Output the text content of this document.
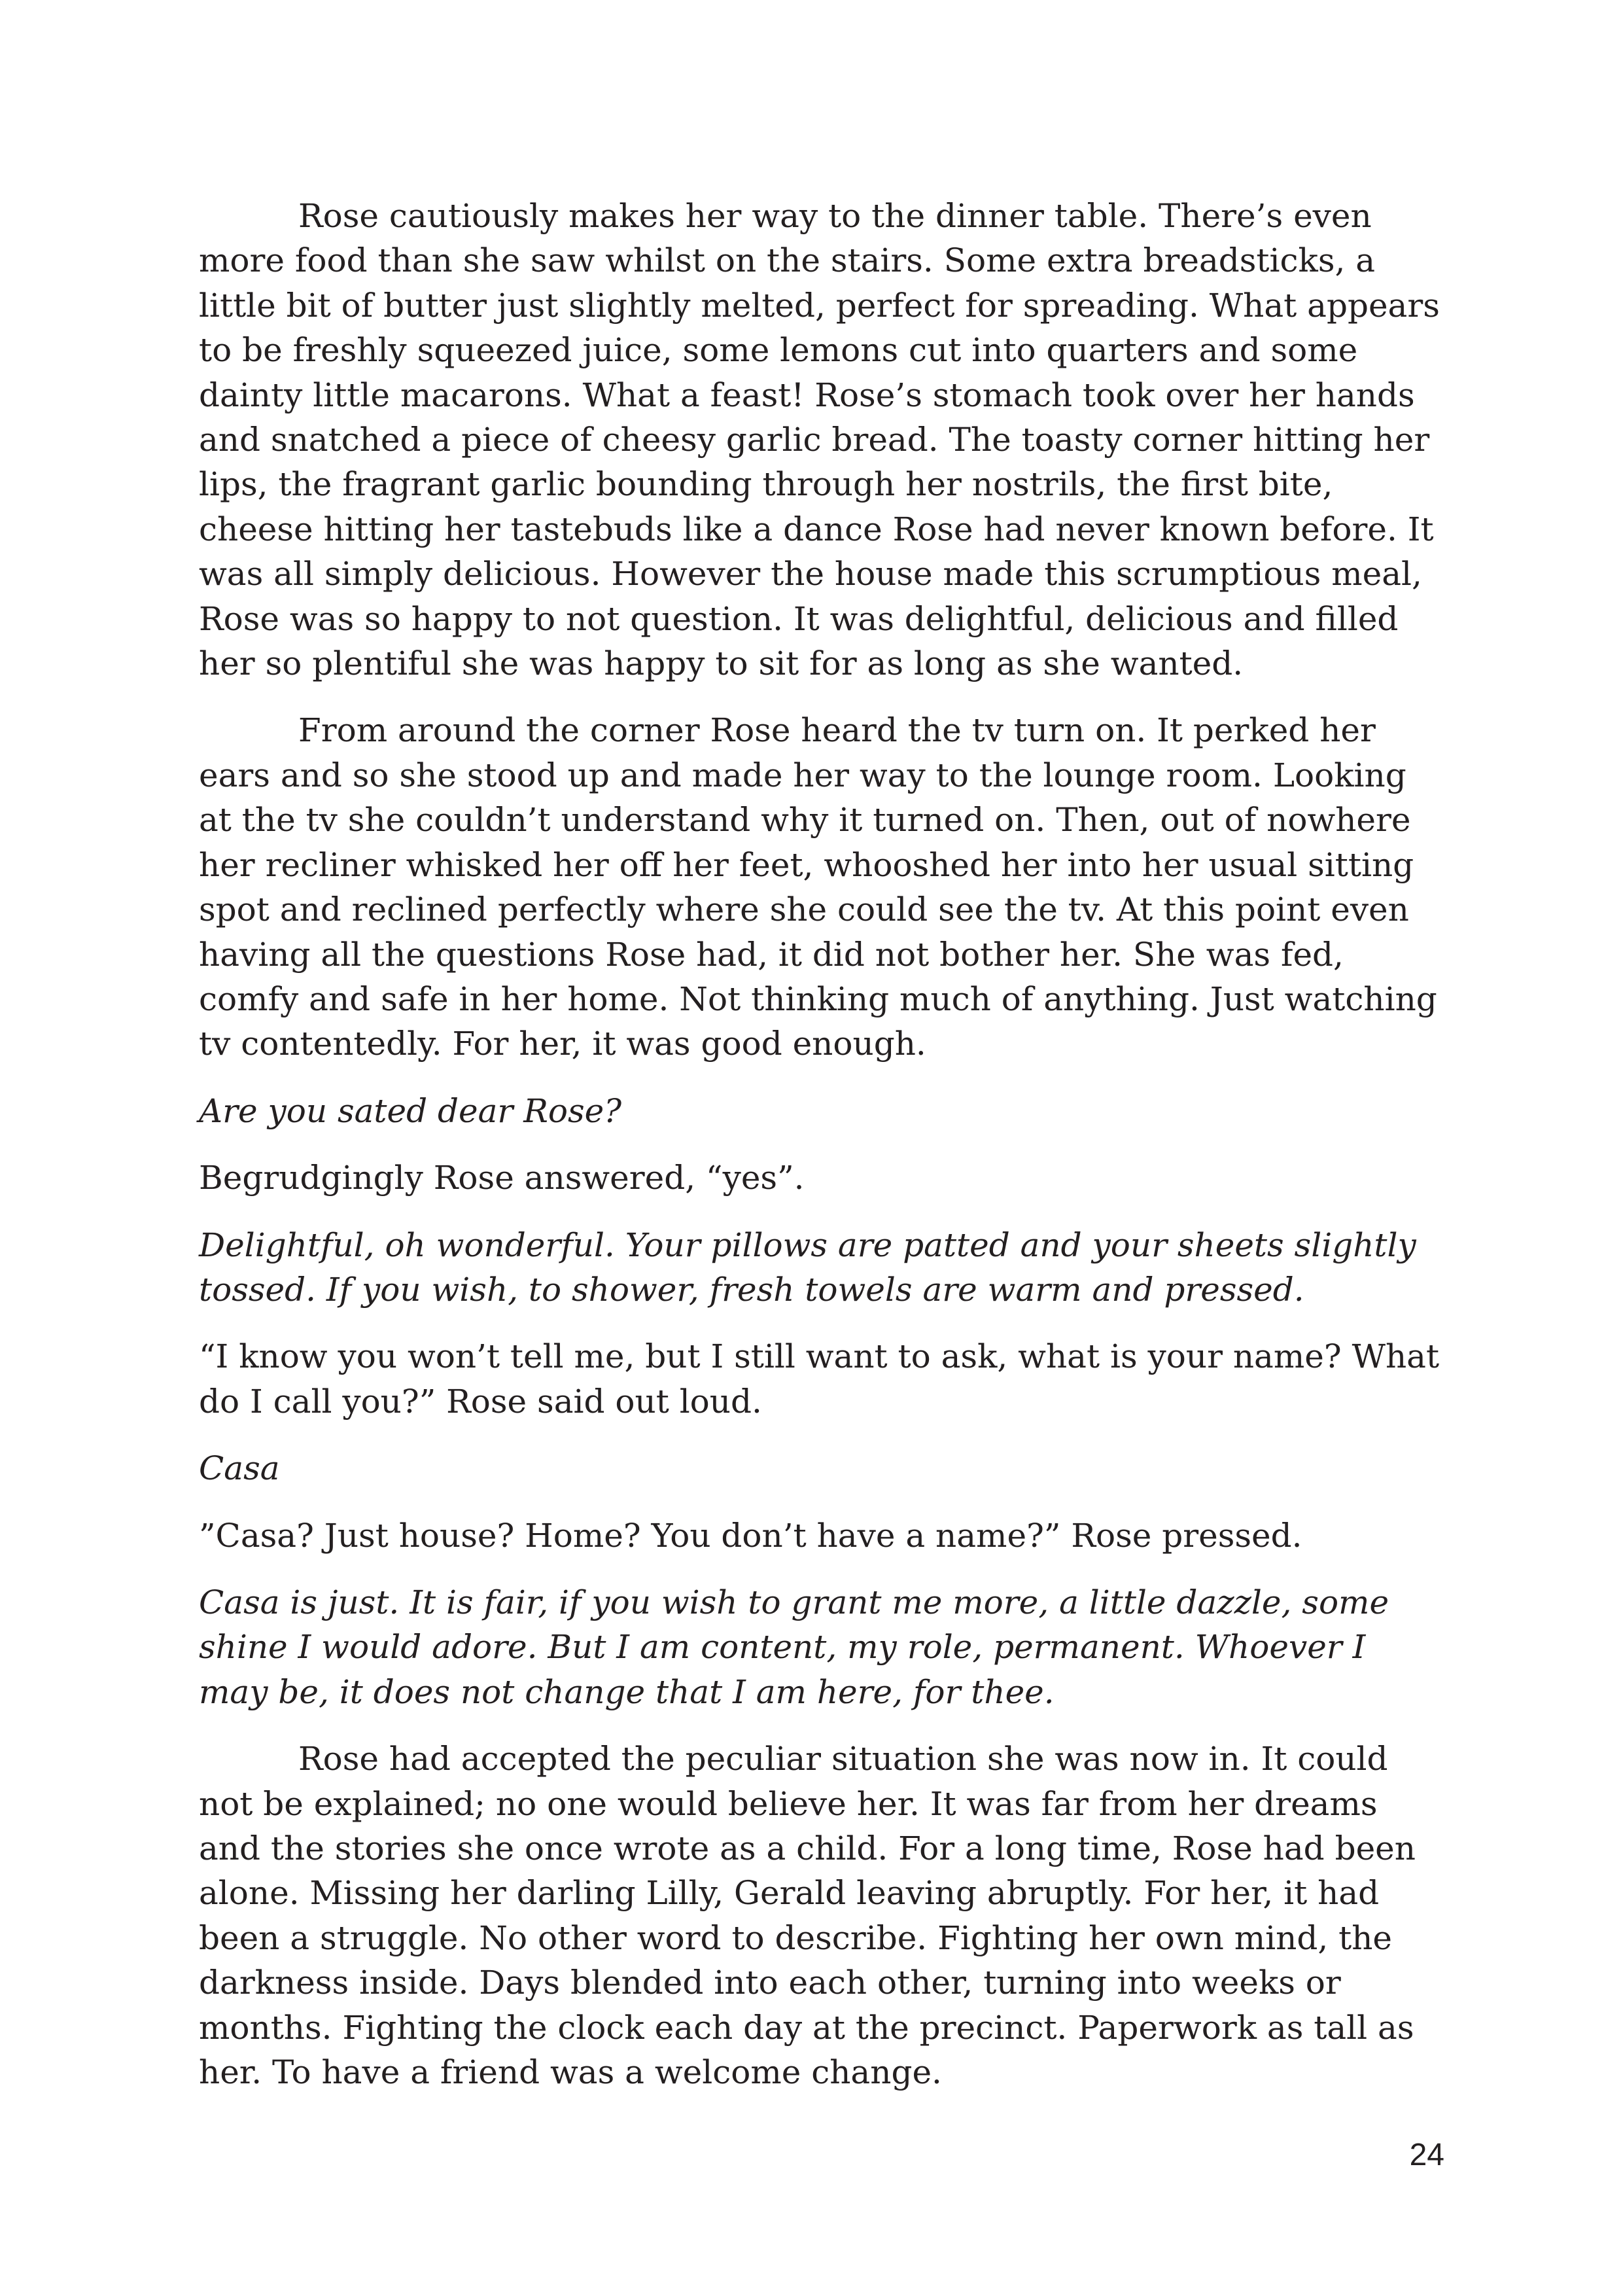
Rose cautiously makes her way to the dinner table. There’s even more food than she saw whilst on the stairs. Some extra breadsticks, a little bit of butter just slightly melted, perfect for spreading. What appears to be freshly squeezed juice, some lemons cut into quarters and some dainty little macarons. What a feast! Rose’s stomach took over her hands and snatched a piece of cheesy garlic bread. The toasty corner hitting her lips, the fragrant garlic bounding through her nostrils, the first bite, cheese hitting her tastebuds like a dance Rose had never known before. It was all simply delicious. However the house made this scrumptious meal, Rose was so happy to not question. It was delightful, delicious and filled her so plentiful she was happy to sit for as long as she wanted.

From around the corner Rose heard the tv turn on. It perked her ears and so she stood up and made her way to the lounge room. Looking at the tv she couldn’t understand why it turned on. Then, out of nowhere her recliner whisked her off her feet, whooshed her into her usual sitting spot and reclined perfectly where she could see the tv. At this point even having all the questions Rose had, it did not bother her. She was fed, comfy and safe in her home. Not thinking much of anything. Just watching tv contentedly. For her, it was good enough.

Are you sated dear Rose?

Begrudgingly Rose answered, “yes”.

Delightful, oh wonderful. Your pillows are patted and your sheets slightly tossed. If you wish, to shower, fresh towels are warm and pressed.

“I know you won’t tell me, but I still want to ask, what is your name? What do I call you?” Rose said out loud.

Casa

”Casa? Just house? Home? You don’t have a name?” Rose pressed.

Casa is just. It is fair, if you wish to grant me more, a little dazzle, some shine I would adore. But I am content, my role, permanent. Whoever I may be, it does not change that I am here, for thee.

Rose had accepted the peculiar situation she was now in. It could not be explained; no one would believe her. It was far from her dreams and the stories she once wrote as a child. For a long time, Rose had been alone. Missing her darling Lilly, Gerald leaving abruptly. For her, it had been a struggle. No other word to describe. Fighting her own mind, the darkness inside. Days blended into each other, turning into weeks or months. Fighting the clock each day at the precinct. Paperwork as tall as her. To have a friend was a welcome change.

24
